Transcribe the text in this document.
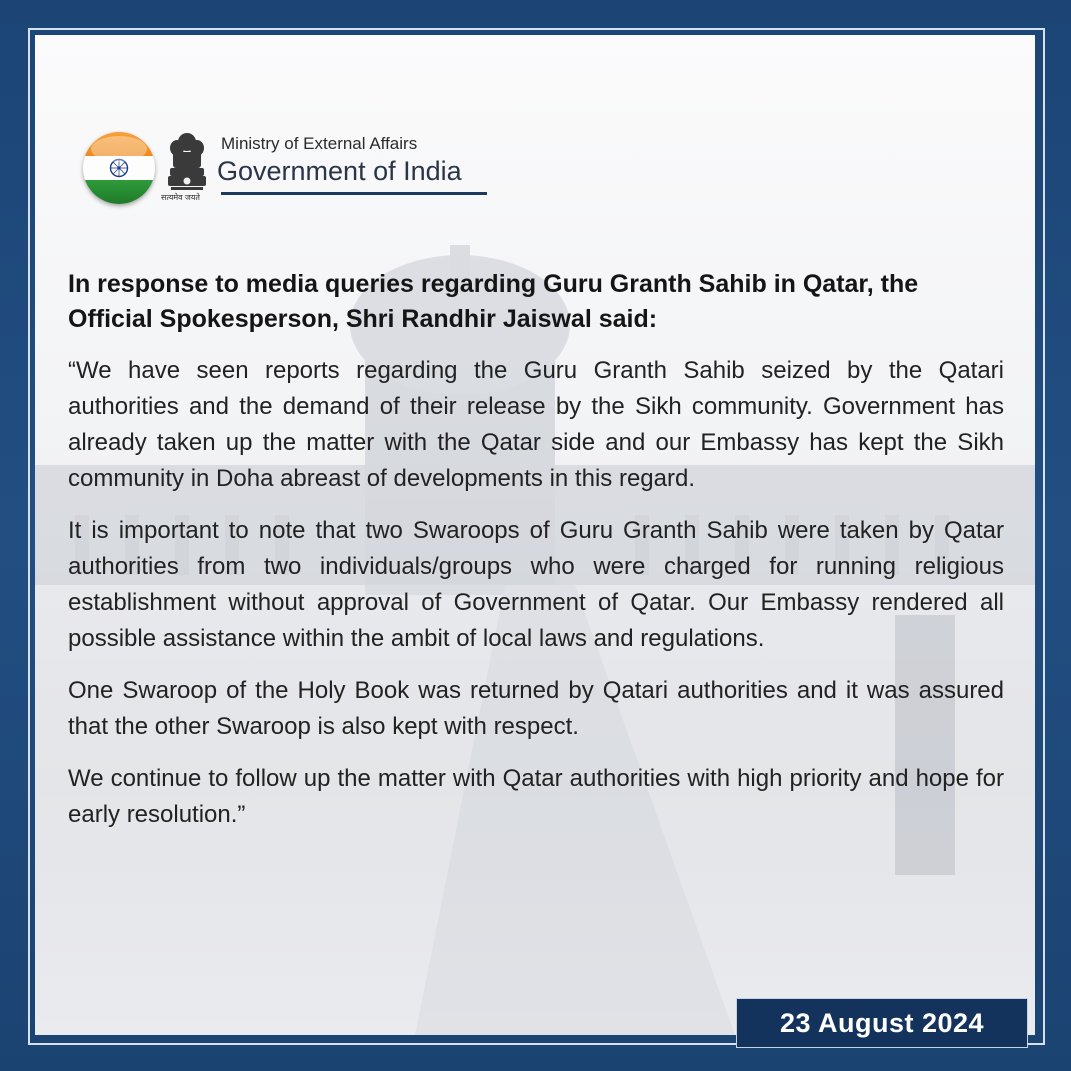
सत्यमेव जयते
Ministry of External Affairs
Government of India

In response to media queries regarding Guru Granth Sahib in Qatar, the Official Spokesperson, Shri Randhir Jaiswal said:

“We have seen reports regarding the Guru Granth Sahib seized by the Qatari authorities and the demand of their release by the Sikh community. Government has already taken up the matter with the Qatar side and our Embassy has kept the Sikh community in Doha abreast of developments in this regard.

It is important to note that two Swaroops of Guru Granth Sahib were taken by Qatar authorities from two individuals/groups who were charged for running religious establishment without approval of Government of Qatar. Our Embassy rendered all possible assistance within the ambit of local laws and regulations.

One Swaroop of the Holy Book was returned by Qatari authorities and it was assured that the other Swaroop is also kept with respect.

We continue to follow up the matter with Qatar authorities with high priority and hope for early resolution.”

23 August 2024
